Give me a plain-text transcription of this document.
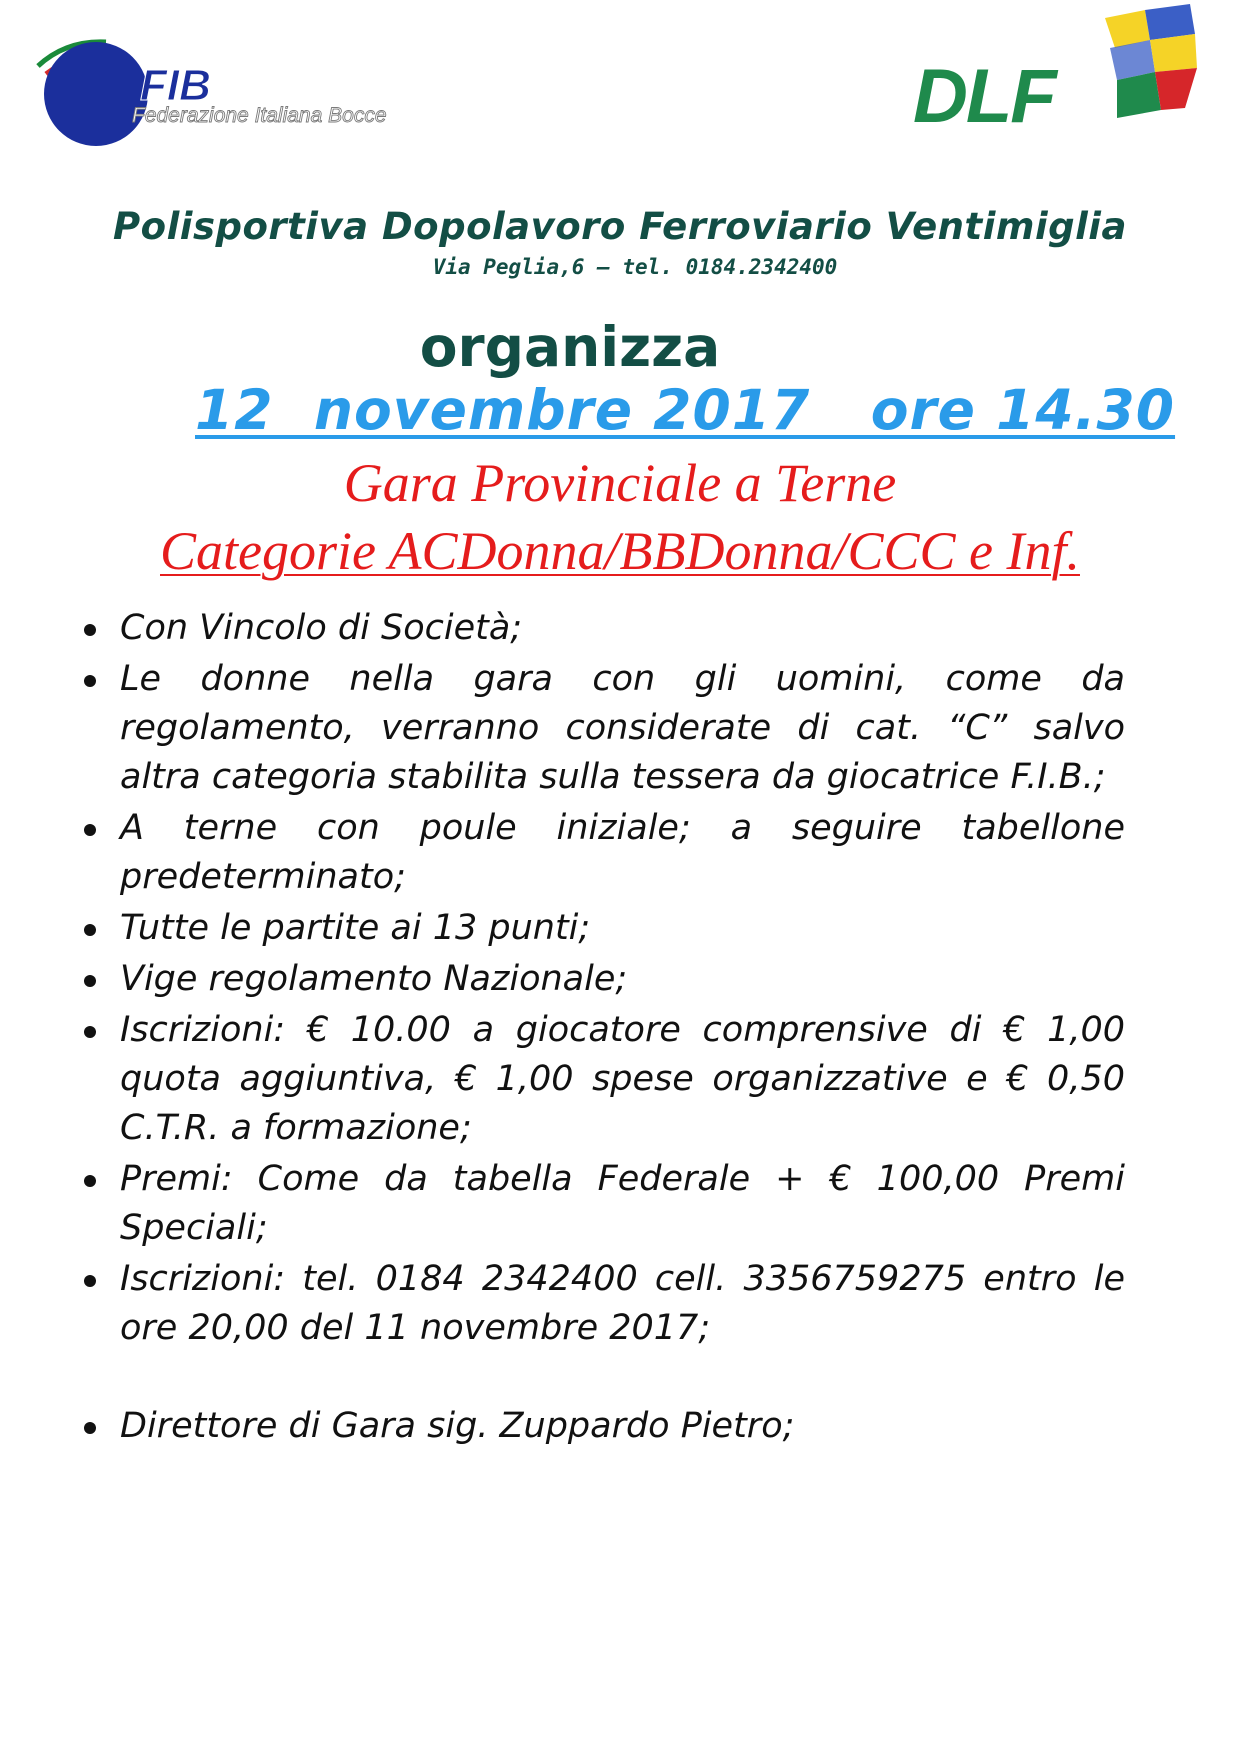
FIB
Federazione Italiana Bocce	DLF
Polisportiva Dopolavoro Ferroviario Ventimiglia
Via Peglia,6 – tel. 0184.2342400
organizza
12  novembre 2017   ore 14.30
Gara Provinciale a Terne
Categorie ACDonna/BBDonna/CCC e Inf.
Con Vincolo di Società;
Le donne nella gara con gli uomini, come da regolamento, verranno considerate di cat. “C” salvo altra categoria stabilita sulla tessera da giocatrice F.I.B.;
A terne con poule iniziale; a seguire tabellone predeterminato;
Tutte le partite ai 13 punti;
Vige regolamento Nazionale;
Iscrizioni: € 10.00 a giocatore comprensive di € 1,00 quota aggiuntiva, € 1,00 spese organizzative e € 0,50 C.T.R. a formazione;
Premi: Come da tabella Federale + € 100,00 Premi Speciali;
Iscrizioni: tel. 0184 2342400 cell. 3356759275 entro le ore 20,00 del 11 novembre 2017;
Direttore di Gara sig. Zuppardo Pietro;
